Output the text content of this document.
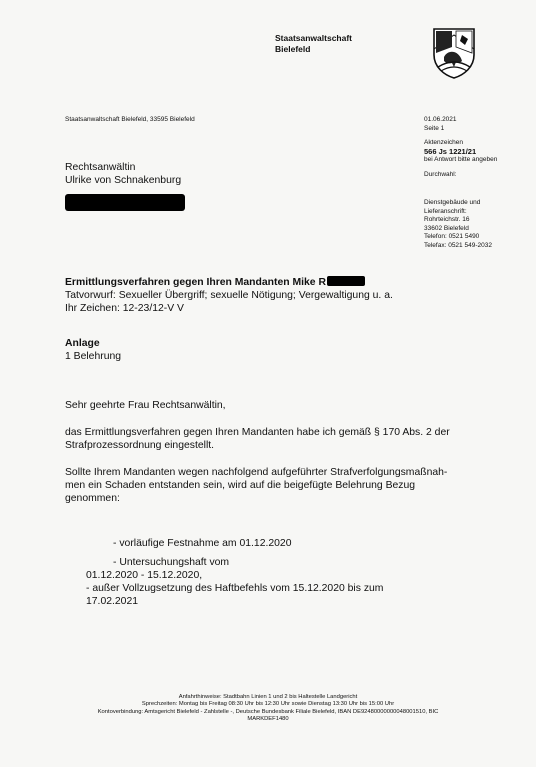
Staatsanwaltschaft
Bielefeld
Staatsanwaltschaft Bielefeld, 33595 Bielefeld
Rechtsanwältin
Ulrike von Schnakenburg
01.06.2021
Seite 1
Aktenzeichen
566 Js 1221/21
bei Antwort bitte angeben
Durchwahl:
Dienstgebäude und
Lieferanschrift:
Rohrteichstr. 16
33602 Bielefeld
Telefon: 0521 5490
Telefax: 0521 549-2032
Ermittlungsverfahren gegen Ihren Mandanten Mike R
Tatvorwurf: Sexueller Übergriff; sexuelle Nötigung; Vergewaltigung u. a.
Ihr Zeichen: 12-23/12-V V
Anlage
1 Belehrung
Sehr geehrte Frau Rechtsanwältin,
das Ermittlungsverfahren gegen Ihren Mandanten habe ich gemäß § 170 Abs. 2 der
Strafprozessordnung eingestellt.
Sollte Ihrem Mandanten wegen nachfolgend aufgeführter Strafverfolgungsmaßnah-
men ein Schaden entstanden sein, wird auf die beigefügte Belehrung Bezug
genommen:
- vorläufige Festnahme am 01.12.2020
- Untersuchungshaft vom
01.12.2020 - 15.12.2020,
- außer Vollzugsetzung des Haftbefehls vom 15.12.2020 bis zum
17.02.2021
Anfahrthinweise: Stadtbahn Linien 1 und 2 bis Haltestelle Landgericht
Sprechzeiten: Montag bis Freitag 08:30 Uhr bis 12:30 Uhr sowie Dienstag 13:30 Uhr bis 15:00 Uhr
Kontoverbindung: Amtsgericht Bielefeld - Zahlstelle -, Deutsche Bundesbank Filiale Bielefeld, IBAN DE92480000000048001510, BIC
MARKDEF1480
